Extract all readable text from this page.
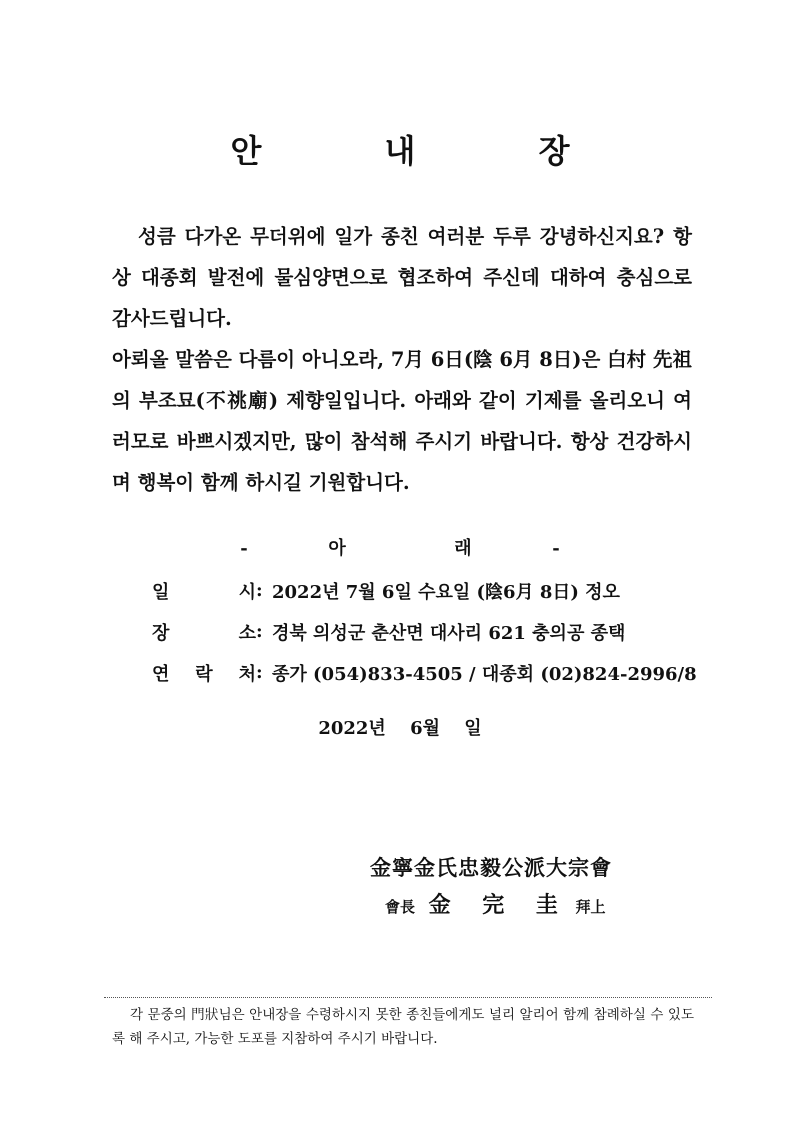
안 내 장

성큼 다가온 무더위에 일가 종친 여러분 두루 강녕하신지요? 항상 대종회 발전에 물심양면으로 협조하여 주신데 대하여 충심으로 감사드립니다.

아뢰올 말씀은 다름이 아니오라, 7月 6日(陰 6月 8日)은 白村 先祖의 부조묘(不祧廟) 제향일입니다. 아래와 같이 기제를 올리오니 여러모로 바쁘시겠지만, 많이 참석해 주시기 바랍니다. 항상 건강하시며 행복이 함께 하시길 기원합니다.

-	아	래	-
일	시 : 2022년 7월 6일 수요일 (陰6月 8日) 정오
장	소 : 경북 의성군 춘산면 대사리 621 충의공 종택
연 락 처 : 종가 (054)833-4505 / 대종회 (02)824-2996/8
2022년 6월 일
金寧金氏忠毅公派大宗會
會長 金 完 圭 拜上

각 문중의 門狀님은 안내장을 수령하시지 못한 종친들에게도 널리 알리어 함께 참례하실 수 있도록 해 주시고, 가능한 도포를 지참하여 주시기 바랍니다.
